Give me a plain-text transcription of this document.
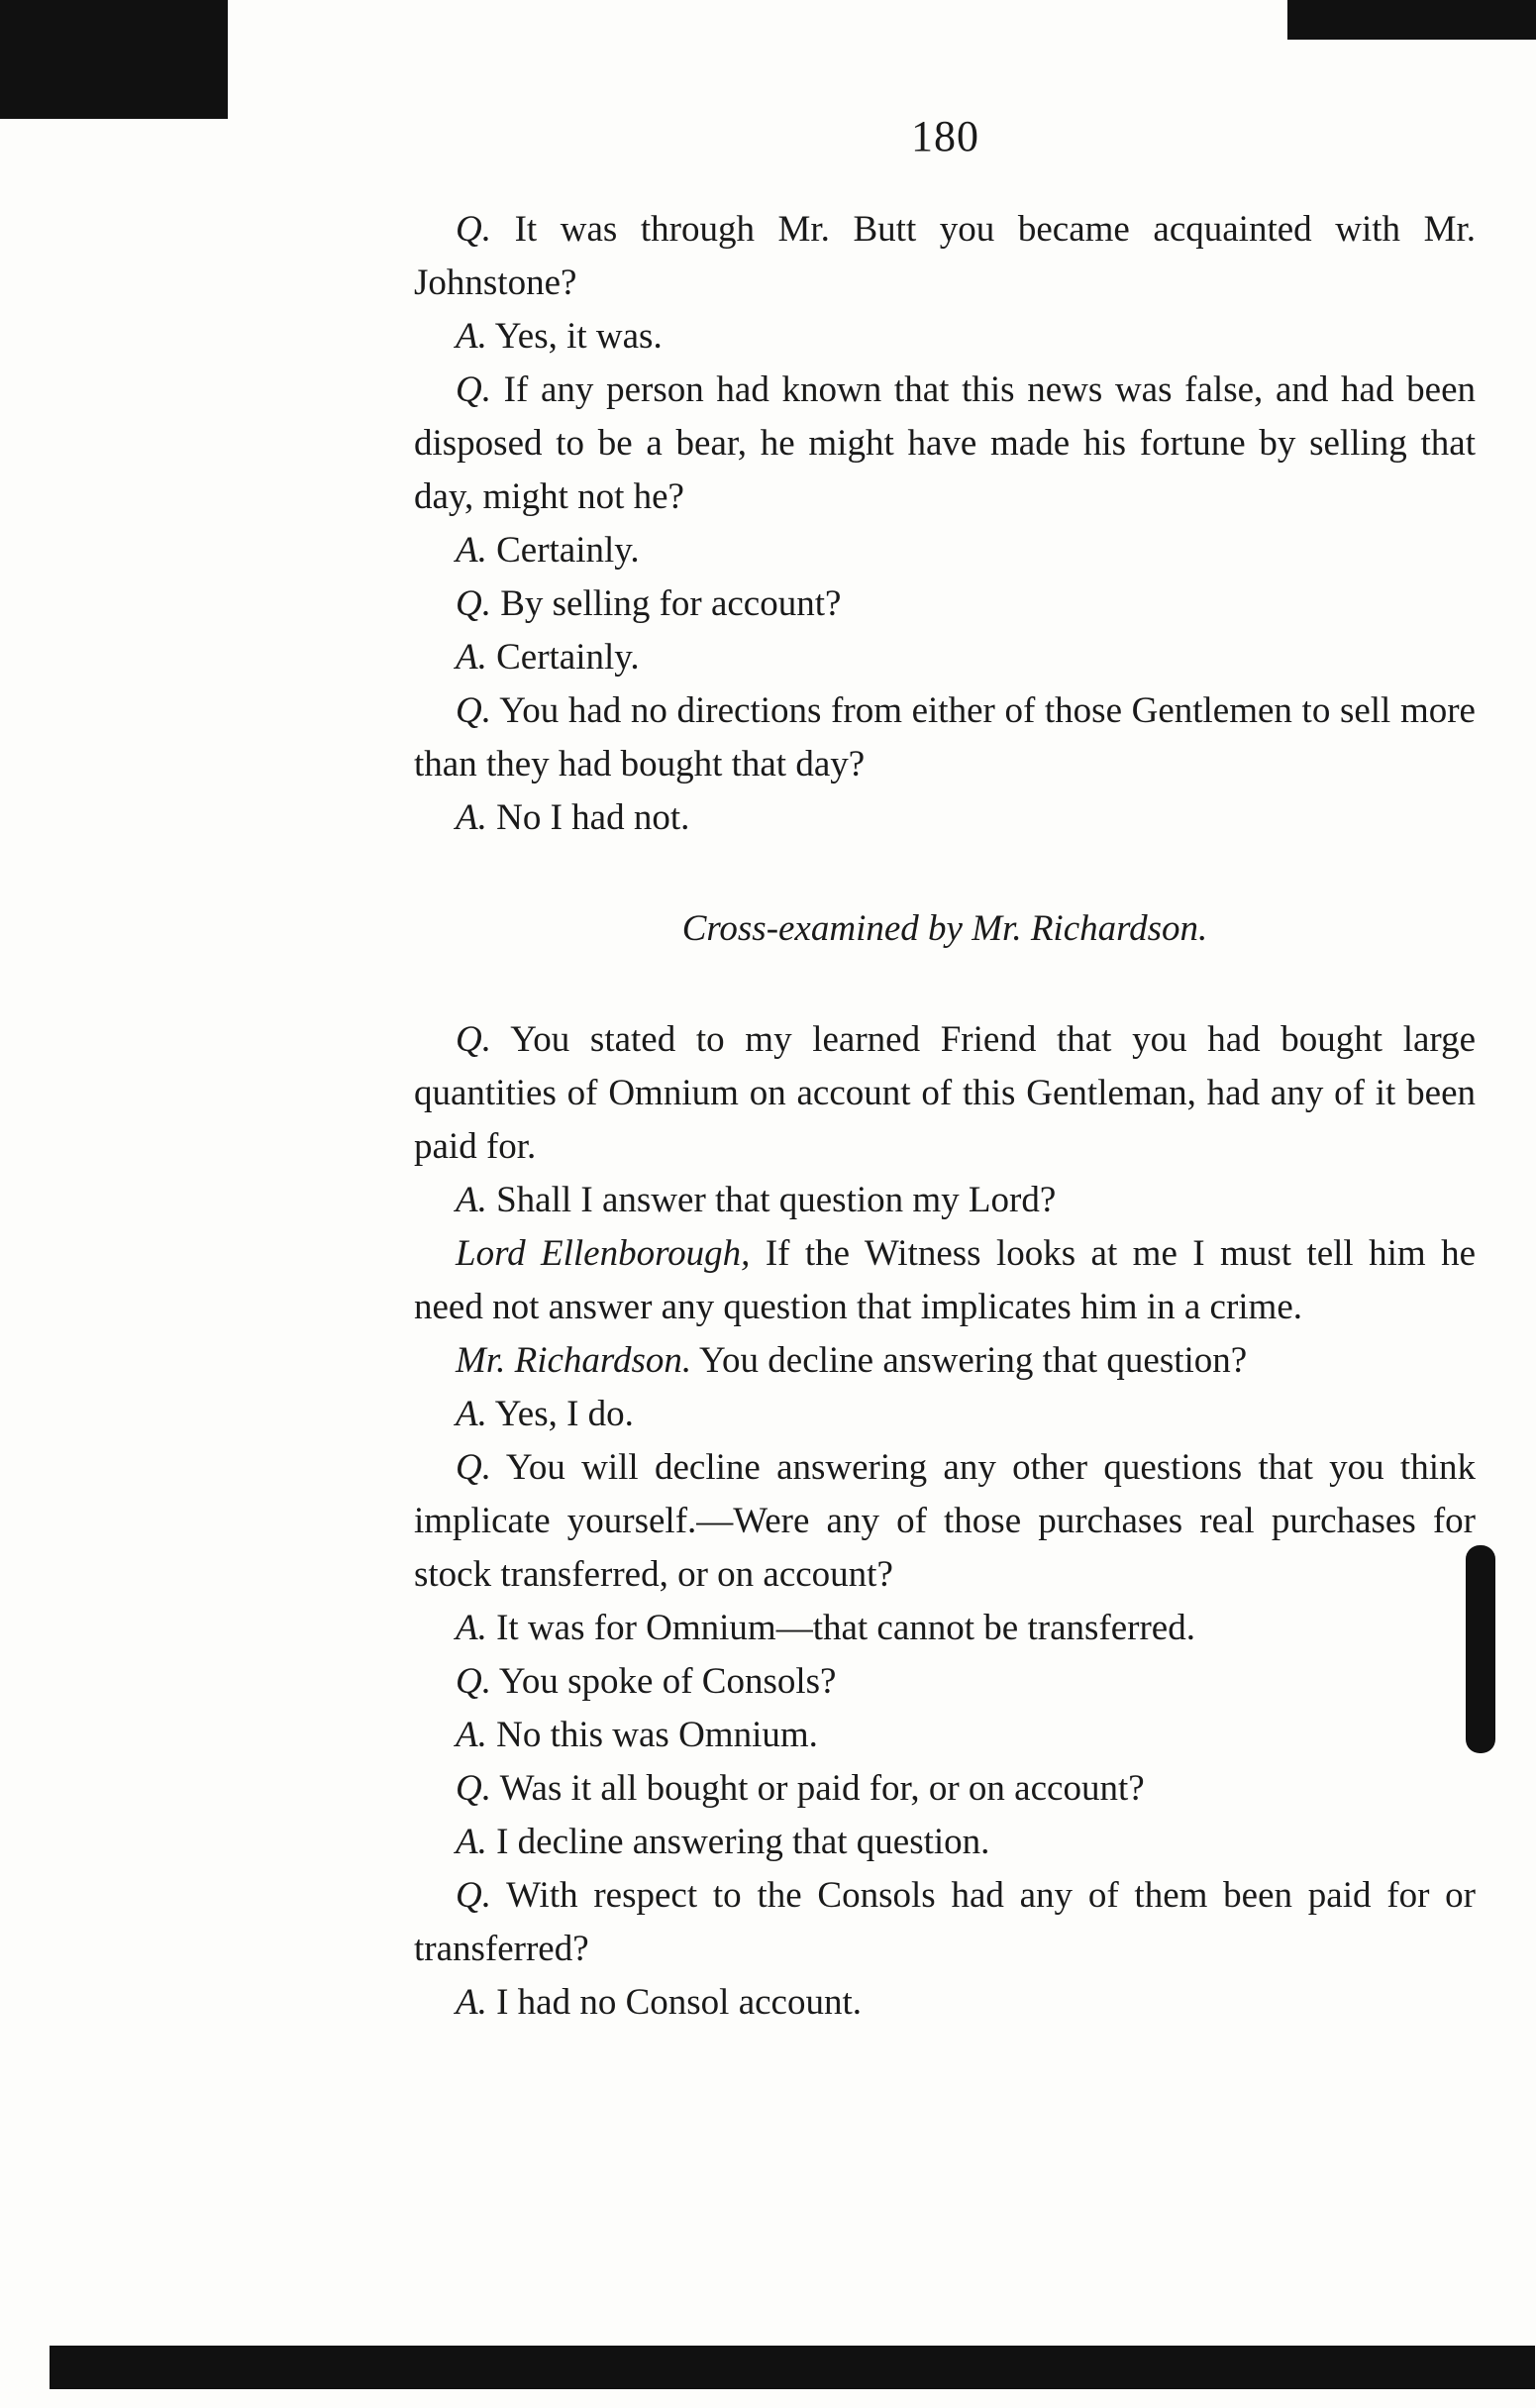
180

Q. It was through Mr. Butt you became acquainted with Mr. Johnstone?

A. Yes, it was.

Q. If any person had known that this news was false, and had been disposed to be a bear, he might have made his fortune by selling that day, might not he?

A. Certainly.

Q. By selling for account?

A. Certainly.

Q. You had no directions from either of those Gentlemen to sell more than they had bought that day?

A. No I had not.

Cross-examined by Mr. Richardson.

Q. You stated to my learned Friend that you had bought large quantities of Omnium on account of this Gentleman, had any of it been paid for.

A. Shall I answer that question my Lord?

Lord Ellenborough, If the Witness looks at me I must tell him he need not answer any question that implicates him in a crime.

Mr. Richardson. You decline answering that question?

A. Yes, I do.

Q. You will decline answering any other questions that you think implicate yourself.—Were any of those purchases real purchases for stock transferred, or on account?

A. It was for Omnium—that cannot be transferred.

Q. You spoke of Consols?

A. No this was Omnium.

Q. Was it all bought or paid for, or on account?

A. I decline answering that question.

Q. With respect to the Consols had any of them been paid for or transferred?

A. I had no Consol account.
